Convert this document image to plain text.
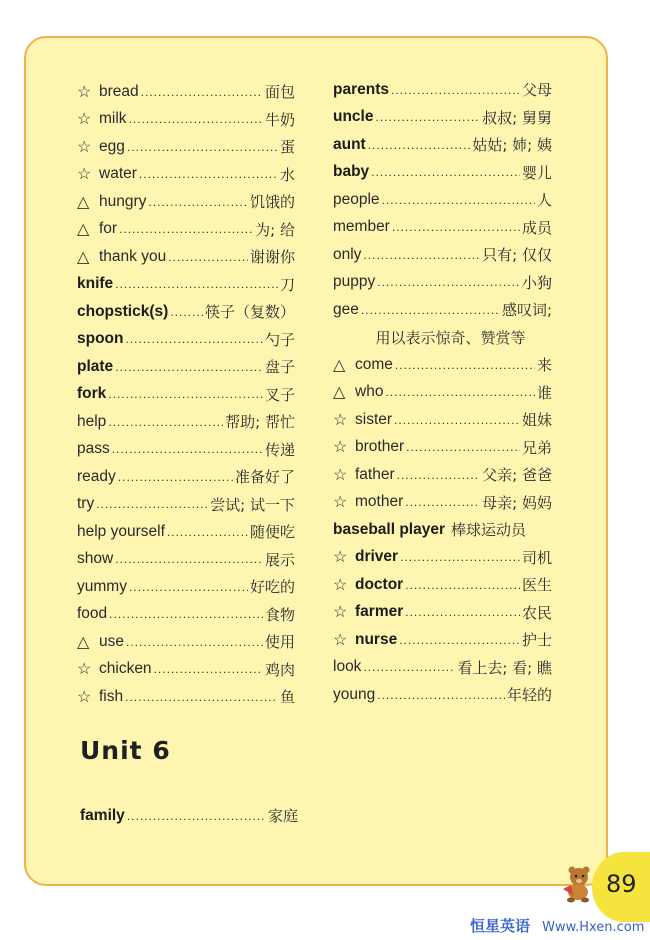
☆ bread .....	面包
☆ milk .....	牛奶
☆ egg .....	蛋
☆ water .....	水
△ hungry .....	饥饿的
△ for .....	为; 给
△ thank you .....	谢谢你
knife .....	刀
chopstick(s) ..... 筷子（复数）
spoon .....	勺子
plate .....	盘子
fork .....	叉子
help .....	帮助; 帮忙
pass .....	传递
ready .....	准备好了
try .....	尝试; 试一下
help yourself .....	随便吃
show .....	展示
yummy .....	好吃的
food .....	食物
△ use .....	使用
☆ chicken .....	鸡肉
☆ fish .....	鱼
parents .....	父母
uncle .....	叔叔; 舅舅
aunt .....	姑姑; 姉; 姨
baby .....	婴儿
people .....	人
member .....	成员
only .....	只有; 仅仅
puppy .....	小狗
gee .....	感叹词;
用以表示惊奇、赞赏等
△ come .....	来
△ who .....	谁
☆ sister .....	姐妹
☆ brother .....	兄弟
☆ father .....	父亲; 爸爸
☆ mother .....	母亲; 妈妈
baseball player 棒球运动员
☆ driver .....	司机
☆ doctor .....	医生
☆ farmer .....	农民
☆ nurse .....	护士
look .....	看上去; 看; 瞧
young .....	年轻的
Unit 6
family .....	家庭
89
恒星英语 Www.Hxen.com
